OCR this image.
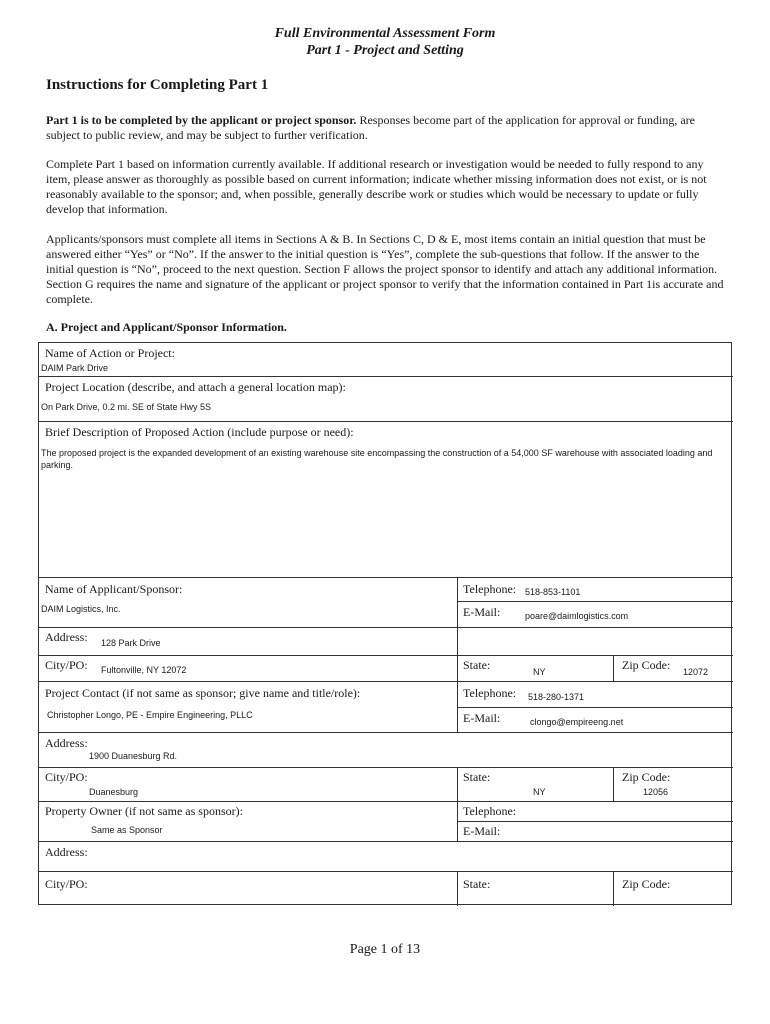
Full Environmental Assessment Form
Part 1 - Project and Setting
Instructions for Completing Part 1
Part 1 is to be completed by the applicant or project sponsor. Responses become part of the application for approval or funding, are subject to public review, and may be subject to further verification.
Complete Part 1 based on information currently available. If additional research or investigation would be needed to fully respond to any item, please answer as thoroughly as possible based on current information; indicate whether missing information does not exist, or is not reasonably available to the sponsor; and, when possible, generally describe work or studies which would be necessary to update or fully develop that information.
Applicants/sponsors must complete all items in Sections A & B. In Sections C, D & E, most items contain an initial question that must be answered either “Yes” or “No”. If the answer to the initial question is “Yes”, complete the sub-questions that follow. If the answer to the initial question is “No”, proceed to the next question. Section F allows the project sponsor to identify and attach any additional information. Section G requires the name and signature of the applicant or project sponsor to verify that the information contained in Part 1is accurate and complete.
A. Project and Applicant/Sponsor Information.
Name of Action or Project:
DAIM Park Drive
Project Location (describe, and attach a general location map):
On Park Drive, 0.2 mi. SE of State Hwy 5S
Brief Description of Proposed Action (include purpose or need):
The proposed project is the expanded development of an existing warehouse site encompassing the construction of a 54,000 SF warehouse with associated loading and parking.
Name of Applicant/Sponsor:
DAIM Logistics, Inc.
Telephone: 518-853-1101
E-Mail:	poare@daimlogistics.com
Address: 128 Park Drive
City/PO: Fultonville, NY 12072	State:	NY	Zip Code: 12072
Project Contact (if not same as sponsor; give name and title/role):
Christopher Longo, PE - Empire Engineering, PLLC
Telephone: 518-280-1371
E-Mail:	clongo@empireeng.net
Address:
1900 Duanesburg Rd.
City/PO:
Duanesburg
State:
NY
Zip Code:
12056
Property Owner (if not same as sponsor):
Same as Sponsor
Telephone:
E-Mail:
Address:
City/PO:	State:	Zip Code:
Page 1 of 13
